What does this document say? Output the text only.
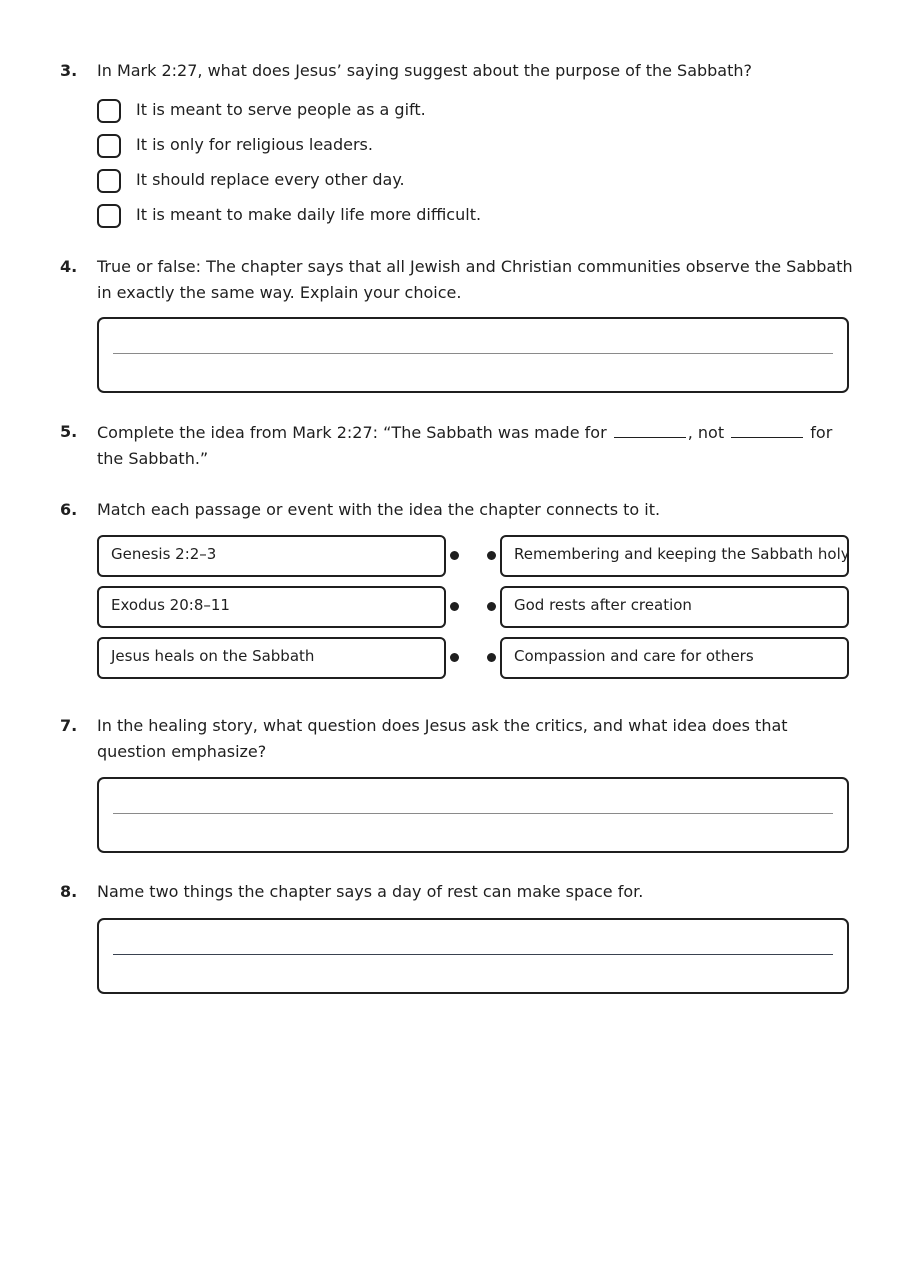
3. In Mark 2:27, what does Jesus’ saying suggest about the purpose of the Sabbath?
It is meant to serve people as a gift.
It is only for religious leaders.
It should replace every other day.
It is meant to make daily life more difficult.
4. True or false: The chapter says that all Jewish and Christian communities observe the Sabbath in exactly the same way. Explain your choice.
5. Complete the idea from Mark 2:27: “The Sabbath was made for	, not	for the Sabbath.”
6. Match each passage or event with the idea the chapter connects to it.
Genesis 2:2–3	Remembering and keeping the Sabbath holy
Exodus 20:8–11	God rests after creation
Jesus heals on the Sabbath	Compassion and care for others
7. In the healing story, what question does Jesus ask the critics, and what idea does that question emphasize?
8. Name two things the chapter says a day of rest can make space for.
